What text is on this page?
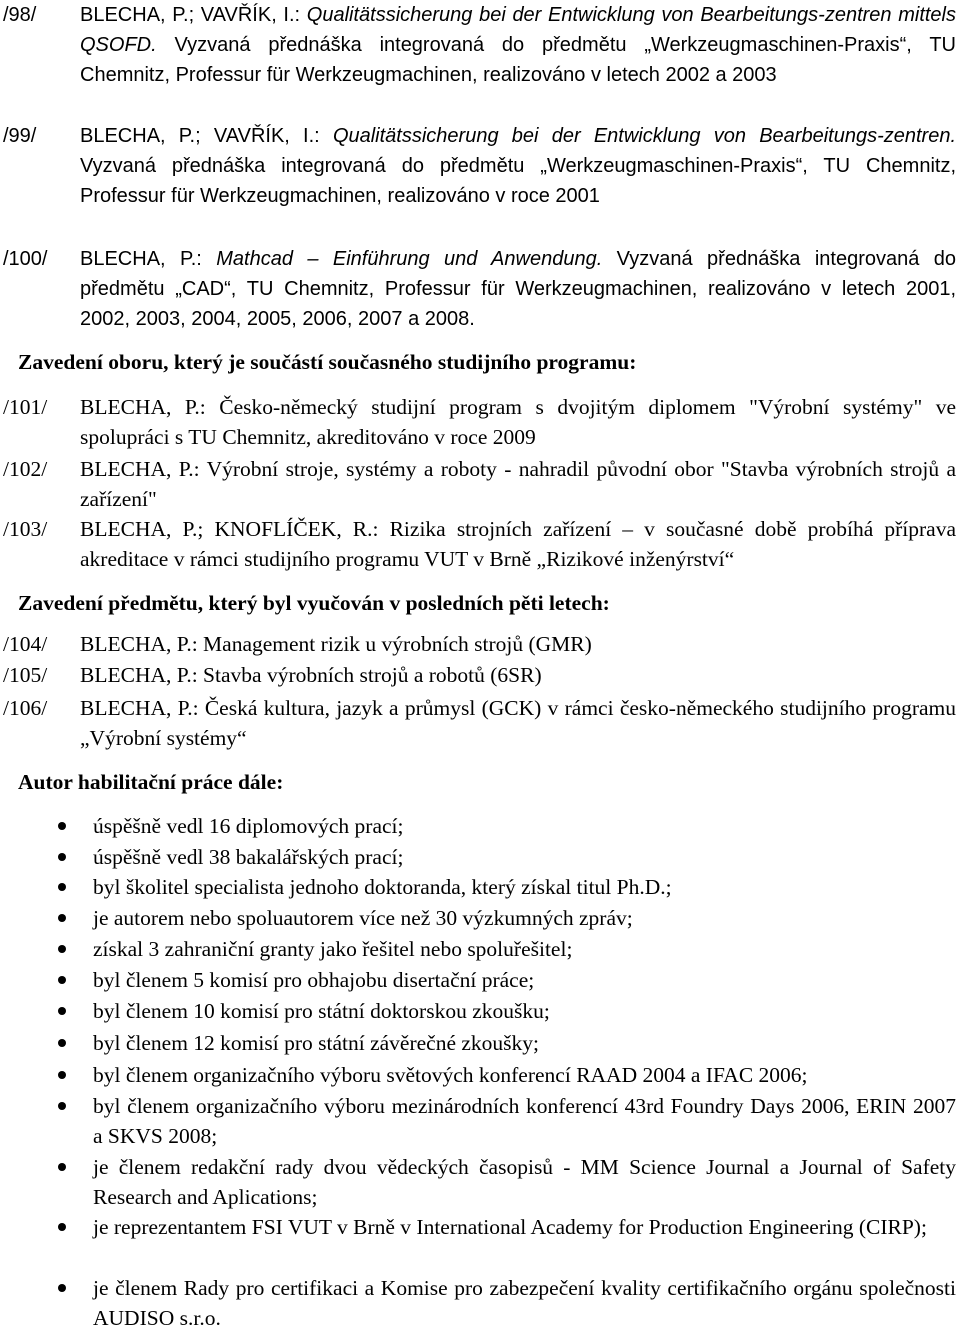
/98/ BLECHA, P.; VAVŘÍK, I.: Qualitätssicherung bei der Entwicklung von Bearbeitungs-zentren mittels QSOFD. Vyzvaná přednáška integrovaná do předmětu „Werkzeugmaschinen-Praxis“, TU Chemnitz, Professur für Werkzeugmachinen, realizováno v letech 2002 a 2003
/99/ BLECHA, P.; VAVŘÍK, I.: Qualitätssicherung bei der Entwicklung von Bearbeitungs-zentren. Vyzvaná přednáška integrovaná do předmětu „Werkzeugmaschinen-Praxis“, TU Chemnitz, Professur für Werkzeugmachinen, realizováno v roce 2001
/100/ BLECHA, P.: Mathcad – Einführung und Anwendung. Vyzvaná přednáška integrovaná do předmětu „CAD“, TU Chemnitz, Professur für Werkzeugmachinen, realizováno v letech 2001, 2002, 2003, 2004, 2005, 2006, 2007 a 2008.
Zavedení oboru, který je součástí současného studijního programu:
/101/ BLECHA, P.: Česko-německý studijní program s dvojitým diplomem "Výrobní systémy" ve spolupráci s TU Chemnitz, akreditováno v roce 2009
/102/ BLECHA, P.: Výrobní stroje, systémy a roboty - nahradil původní obor "Stavba výrobních strojů a zařízení"
/103/ BLECHA, P.; KNOFLÍČEK, R.: Rizika strojních zařízení – v současné době probíhá příprava akreditace v rámci studijního programu VUT v Brně „Rizikové inženýrství“
Zavedení předmětu, který byl vyučován v posledních pěti letech:
/104/ BLECHA, P.: Management rizik u výrobních strojů (GMR)
/105/ BLECHA, P.: Stavba výrobních strojů a robotů (6SR)
/106/ BLECHA, P.: Česká kultura, jazyk a průmysl (GCK) v rámci česko-německého studijního programu „Výrobní systémy“
Autor habilitační práce dále:
úspěšně vedl 16 diplomových prací;
úspěšně vedl 38 bakalářských prací;
byl školitel specialista jednoho doktoranda, který získal titul Ph.D.;
je autorem nebo spoluautorem více než 30 výzkumných zpráv;
získal 3 zahraniční granty jako řešitel nebo spoluřešitel;
byl členem 5 komisí pro obhajobu disertační práce;
byl členem 10 komisí pro státní doktorskou zkoušku;
byl členem 12 komisí pro státní závěrečné zkoušky;
byl členem organizačního výboru světových konferencí RAAD 2004 a IFAC 2006;
byl členem organizačního výboru mezinárodních konferencí 43rd Foundry Days 2006, ERIN 2007 a SKVS 2008;
je členem redakční rady dvou vědeckých časopisů - MM Science Journal a Journal of Safety Research and Aplications;
je reprezentantem FSI VUT v Brně v International Academy for Production Engineering (CIRP);
je členem Rady pro certifikaci a Komise pro zabezpečení kvality certifikačního orgánu společnosti AUDISO s.r.o.
